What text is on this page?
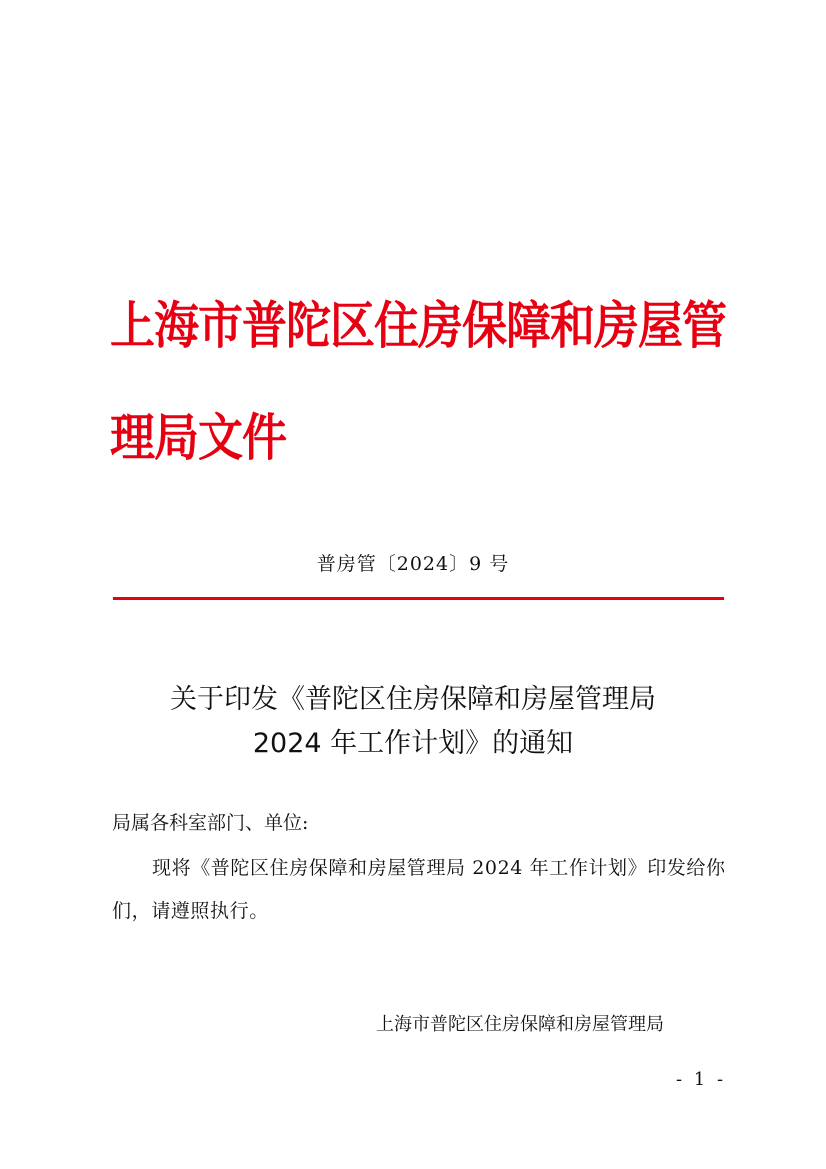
上海市普陀区住房保障和房屋管理局文件
普房管〔2024〕9 号
关于印发《普陀区住房保障和房屋管理局
2024 年工作计划》的通知
局属各科室部门、单位:
现将《普陀区住房保障和房屋管理局 2024 年工作计划》印发给你们，请遵照执行。
上海市普陀区住房保障和房屋管理局
- 1 -
